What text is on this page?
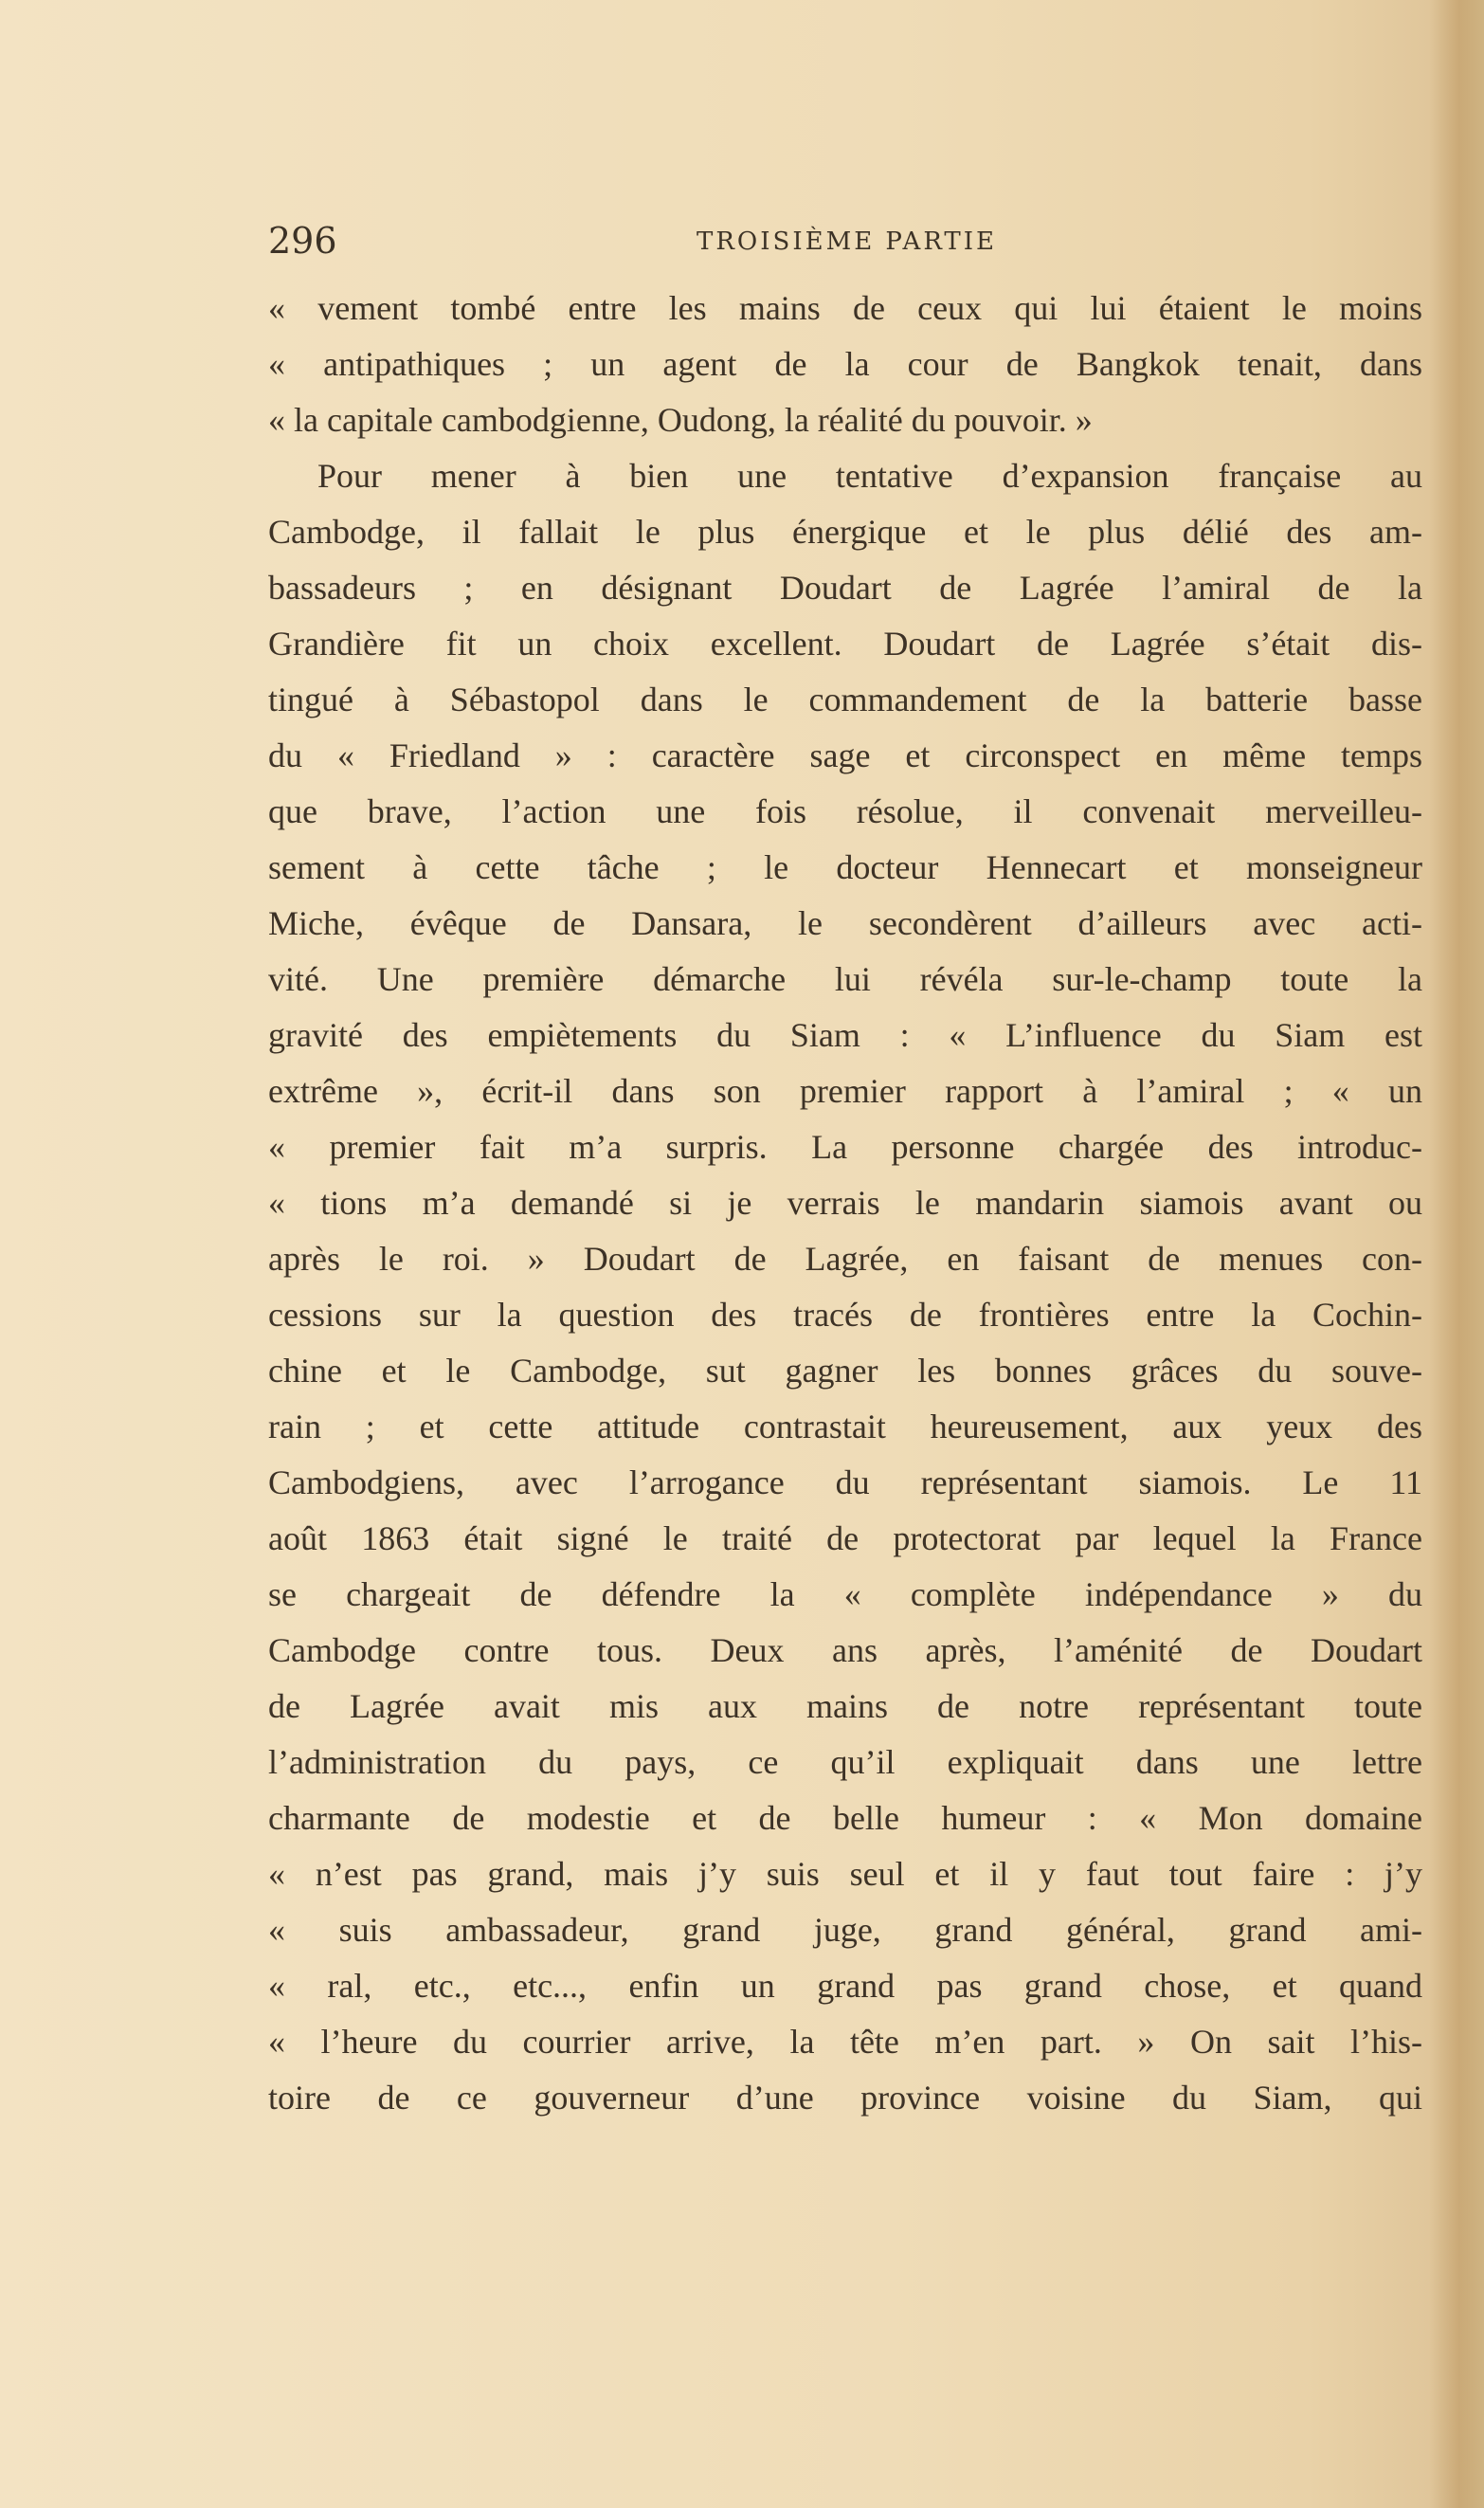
296	TROISIÈME PARTIE
« vement tombé entre les mains de ceux qui lui étaient le moins
« antipathiques ; un agent de la cour de Bangkok tenait, dans
« la capitale cambodgienne, Oudong, la réalité du pouvoir. »
Pour mener à bien une tentative d’expansion française au
Cambodge, il fallait le plus énergique et le plus délié des am-
bassadeurs ; en désignant Doudart de Lagrée l’amiral de la
Grandière fit un choix excellent. Doudart de Lagrée s’était dis-
tingué à Sébastopol dans le commandement de la batterie basse
du « Friedland » : caractère sage et circonspect en même temps
que brave, l’action une fois résolue, il convenait merveilleu-
sement à cette tâche ; le docteur Hennecart et monseigneur
Miche, évêque de Dansara, le secondèrent d’ailleurs avec acti-
vité. Une première démarche lui révéla sur-le-champ toute la
gravité des empiètements du Siam : « L’influence du Siam est
extrême », écrit-il dans son premier rapport à l’amiral ; « un
« premier fait m’a surpris. La personne chargée des introduc-
« tions m’a demandé si je verrais le mandarin siamois avant ou
après le roi. » Doudart de Lagrée, en faisant de menues con-
cessions sur la question des tracés de frontières entre la Cochin-
chine et le Cambodge, sut gagner les bonnes grâces du souve-
rain ; et cette attitude contrastait heureusement, aux yeux des
Cambodgiens, avec l’arrogance du représentant siamois. Le 11
août 1863 était signé le traité de protectorat par lequel la France
se chargeait de défendre la « complète indépendance » du
Cambodge contre tous. Deux ans après, l’aménité de Doudart
de Lagrée avait mis aux mains de notre représentant toute
l’administration du pays, ce qu’il expliquait dans une lettre
charmante de modestie et de belle humeur : « Mon domaine
« n’est pas grand, mais j’y suis seul et il y faut tout faire : j’y
« suis ambassadeur, grand juge, grand général, grand ami-
« ral, etc., etc..., enfin un grand pas grand chose, et quand
« l’heure du courrier arrive, la tête m’en part. » On sait l’his-
toire de ce gouverneur d’une province voisine du Siam, qui
